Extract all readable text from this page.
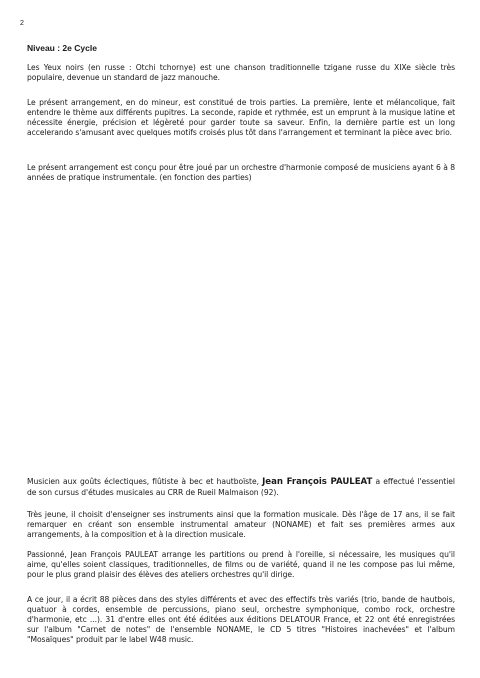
2
Niveau : 2e Cycle

Les Yeux noirs (en russe : Otchi tchornye) est une chanson traditionnelle tzigane russe du XIXe siècle très populaire, devenue un standard de jazz manouche.

Le présent arrangement, en do mineur, est constitué de trois parties. La première, lente et mélancolique, fait entendre le thème aux différents pupitres. La seconde, rapide et rythmée, est un emprunt à la musique latine et nécessite énergie, précision et légèreté pour garder toute sa saveur. Enfin, la dernière partie est un long accelerando s'amusant avec quelques motifs croisés plus tôt dans l'arrangement et terminant la pièce avec brio.

Le présent arrangement est conçu pour être joué par un orchestre d'harmonie composé de musiciens ayant 6 à 8 années de pratique instrumentale. (en fonction des parties)

Musicien aux goûts éclectiques, flûtiste à bec et hautboïste, Jean François PAULEAT a effectué l'essentiel de son cursus d'études musicales au CRR de Rueil Malmaison (92).

Très jeune, il choisit d'enseigner ses instruments ainsi que la formation musicale. Dès l'âge de 17 ans, il se fait remarquer en créant son ensemble instrumental amateur (NONAME) et fait ses premières armes aux arrangements, à la composition et à la direction musicale.

Passionné, Jean François PAULEAT arrange les partitions ou prend à l'oreille, si nécessaire, les musiques qu'il aime, qu'elles soient classiques, traditionnelles, de films ou de variété, quand il ne les compose pas lui même, pour le plus grand plaisir des élèves des ateliers orchestres qu'il dirige.

A ce jour, il a écrit 88 pièces dans des styles différents et avec des effectifs très variés (trio, bande de hautbois, quatuor à cordes, ensemble de percussions, piano seul, orchestre symphonique, combo rock, orchestre d'harmonie, etc ...). 31 d'entre elles ont été éditées aux éditions DELATOUR France, et 22 ont été enregistrées sur l'album "Carnet de notes" de l'ensemble NONAME, le CD 5 titres "Histoires inachevées" et l'album "Mosaïques" produit par le label W48 music.
